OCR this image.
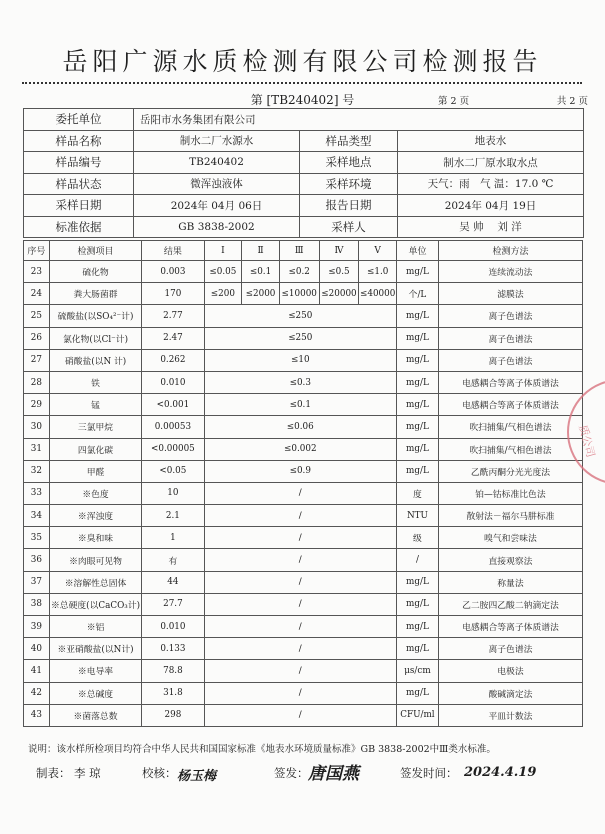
岳阳广源水质检测有限公司检测报告
第 [TB240402] 号	第 2 页	共 2 页
委托单位	岳阳市水务集团有限公司		
样品名称	制水二厂水源水	样品类型	地表水
样品编号	TB240402	采样地点	制水二厂原水取水点
样品状态	微浑浊液体	采样环境	天气：雨　气 温：17.0 ℃
采样日期	2024年 04月 06日	报告日期	2024年 04月 19日
标准依据	GB 3838-2002	采样人	吴 帅　 刘 洋
序号	检测项目	结果	Ⅰ	Ⅱ	Ⅲ	Ⅳ	Ⅴ	单位	检测方法
23	硫化物	0.003	≤0.05	≤0.1	≤0.2	≤0.5	≤1.0	mg/L	连续流动法
24	粪大肠菌群	170	≤200	≤2000	≤10000	≤20000	≤40000	个/L	滤膜法
25	硫酸盐(以SO₄²⁻计)	2.77	≤250					mg/L	离子色谱法
26	氯化物(以Cl⁻计)	2.47	≤250					mg/L	离子色谱法
27	硝酸盐(以N 计)	0.262	≤10					mg/L	离子色谱法
28	铁	0.010	≤0.3					mg/L	电感耦合等离子体质谱法
29	锰	<0.001	≤0.1					mg/L	电感耦合等离子体质谱法
30	三氯甲烷	0.00053	≤0.06					mg/L	吹扫捕集/气相色谱法
31	四氯化碳	<0.00005	≤0.002					mg/L	吹扫捕集/气相色谱法
32	甲醛	<0.05	≤0.9					mg/L	乙酰丙酮分光光度法
33	※色度	10	/					度	铂—钴标准比色法
34	※浑浊度	2.1	/					NTU	散射法－福尔马肼标准
35	※臭和味	1	/					级	嗅气和尝味法
36	※肉眼可见物	有	/					/	直接观察法
37	※溶解性总固体	44	/					mg/L	称量法
38	※总硬度(以CaCO₃计)	27.7	/					mg/L	乙二胺四乙酸二钠滴定法
39	※铝	0.010	/					mg/L	电感耦合等离子体质谱法
40	※亚硝酸盐(以N计)	0.133	/					mg/L	离子色谱法
41	※电导率	78.8	/					μs/cm	电极法
42	※总碱度	31.8	/					mg/L	酸碱滴定法
43	※菌落总数	298	/					CFU/ml	平皿计数法
说明：该水样所检项目均符合中华人民共和国国家标准《地表水环境质量标准》GB 3838-2002中Ⅲ类水标准。
制表： 李 琼	校核： 杨玉梅	签发： 唐国燕	签发时间： 2024.4.19
质公司
